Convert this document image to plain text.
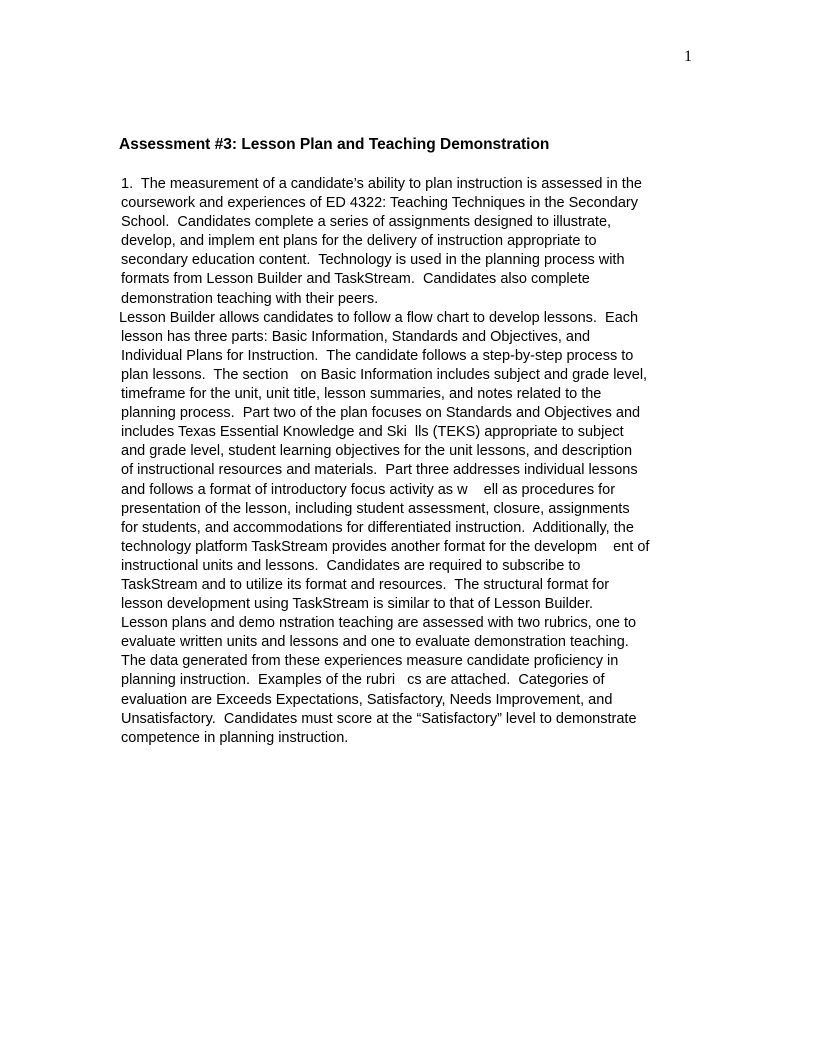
1
Assessment #3: Lesson Plan and Teaching Demonstration
1.  The measurement of a candidate’s ability to plan instruction is assessed in the
coursework and experiences of ED 4322: Teaching Techniques in the Secondary
School.  Candidates complete a series of assignments designed to illustrate,
develop, and implem ent plans for the delivery of instruction appropriate to
secondary education content.  Technology is used in the planning process with
formats from Lesson Builder and TaskStream.  Candidates also complete
demonstration teaching with their peers.
Lesson Builder allows candidates to follow a flow chart to develop lessons.  Each
lesson has three parts: Basic Information, Standards and Objectives, and
Individual Plans for Instruction.  The candidate follows a step-by-step process to
plan lessons.  The section   on Basic Information includes subject and grade level,
timeframe for the unit, unit title, lesson summaries, and notes related to the
planning process.  Part two of the plan focuses on Standards and Objectives and
includes Texas Essential Knowledge and Ski  lls (TEKS) appropriate to subject
and grade level, student learning objectives for the unit lessons, and description
of instructional resources and materials.  Part three addresses individual lessons
and follows a format of introductory focus activity as w    ell as procedures for
presentation of the lesson, including student assessment, closure, assignments
for students, and accommodations for differentiated instruction.  Additionally, the
technology platform TaskStream provides another format for the developm    ent of
instructional units and lessons.  Candidates are required to subscribe to
TaskStream and to utilize its format and resources.  The structural format for
lesson development using TaskStream is similar to that of Lesson Builder.
Lesson plans and demo nstration teaching are assessed with two rubrics, one to
evaluate written units and lessons and one to evaluate demonstration teaching.
The data generated from these experiences measure candidate proficiency in
planning instruction.  Examples of the rubri   cs are attached.  Categories of
evaluation are Exceeds Expectations, Satisfactory, Needs Improvement, and
Unsatisfactory.  Candidates must score at the “Satisfactory” level to demonstrate
competence in planning instruction.
